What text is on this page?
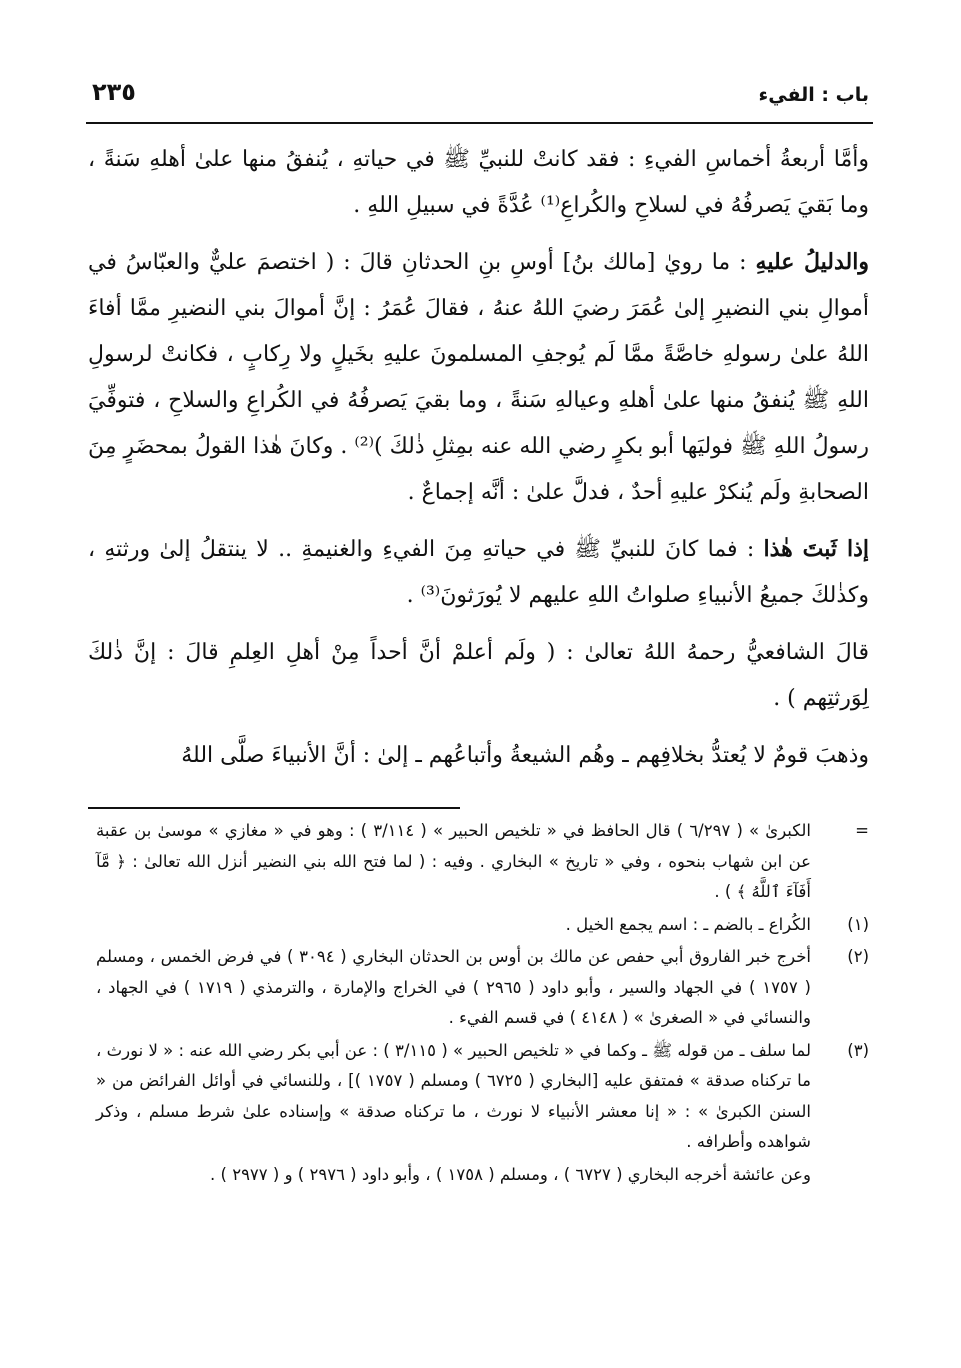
باب : الفيء
٢٣٥

وأمَّا أربعةُ أخماسِ الفيءِ : فقد كانتْ للنبيِّ ﷺ في حياتهِ ، يُنفقُ منها علىٰ أهلهِ سَنةً ، وما بَقيَ يَصرفُهُ في لسلاحِ والكُراعِ⁽¹⁾ عُدَّةً في سبيلِ اللهِ .

والدليلُ عليهِ : ما رويٰ [مالك بنُ] أوسِ بنِ الحدثانِ قالَ : ( اختصمَ عليٌّ والعبّاسُ في أموالِ بني النضيرِ إلىٰ عُمَرَ رضيَ اللهُ عنهُ ، فقالَ عُمَرُ : إنَّ أموالَ بني النضيرِ ممَّا أفاءَ اللهُ علىٰ رسولهِ خاصَّةً ممَّا لَم يُوجفِ المسلمونَ عليهِ بخَيلٍ ولا رِكابٍ ، فكانتْ لرسولِ اللهِ ﷺ يُنفقُ منها علىٰ أهلهِ وعيالهِ سَنةً ، وما بقيَ يَصرفُهُ في الكُراعِ والسلاحِ ، فتوفِّيَ رسولُ اللهِ ﷺ فوليَها أبو بكرٍ رضي الله عنه بمِثلِ ذٰلكَ )⁽²⁾ . وكانَ هٰذا القولُ بمحضَرٍ مِنَ الصحابةِ ولَم يُنكرْ عليهِ أحدٌ ، فدلَّ علىٰ : أنَّه إجماعٌ .

إذا ثَبتَ هٰذا : فما كانَ للنبيِّ ﷺ في حياتهِ مِنَ الفيءِ والغنيمةِ .. لا ينتقلُ إلىٰ ورثتهِ ، وكذٰلكَ جميعُ الأنبياءِ صلواتُ اللهِ عليهم لا يُورَثونَ⁽³⁾ .

قالَ الشافعيُّ رحمهُ اللهُ تعالىٰ : ( ولَم أعلمْ أنَّ أحداً مِنْ أهلِ العِلمِ قالَ : إنَّ ذٰلكَ لِوَرثتِهم ) .

وذهبَ قومٌ لا يُعتدُّ بخلافِهم ـ وهُم الشيعةُ وأتباعُهم ـ إلىٰ : أنَّ الأنبياءَ صلَّى اللهُ

=
الكبرىٰ » ( ٦/٢٩٧ ) قال الحافظ في « تلخيص الحبير » ( ٣/١١٤ ) : وهو في « مغازي » موسىٰ بن عقبة عن ابن شهاب بنحوه ، وفي « تاريخ » البخاري . وفيه : ( لما فتح الله بني النضير أنزل الله تعالىٰ : ﴿ مَّآ أَفَآءَ ٱللَّهُ ﴾ ) .
(١)
الكُراع ـ بالضم ـ : اسم يجمع الخيل .
(٢)
أخرج خبر الفاروق أبي حفص عن مالك بن أوس بن الحدثان البخاري ( ٣٠٩٤ ) في فرض الخمس ، ومسلم ( ١٧٥٧ ) في الجهاد والسير ، وأبو داود ( ٢٩٦٥ ) في الخراج والإمارة ، والترمذي ( ١٧١٩ ) في الجهاد ، والنسائي في « الصغرىٰ » ( ٤١٤٨ ) في قسم الفيء .
(٣)
لما سلف ـ من قوله ﷺ ـ وكما في « تلخيص الحبير » ( ٣/١١٥ ) : عن أبي بكر رضي الله عنه : « لا نورث ، ما تركناه صدقة » فمتفق عليه [البخاري ( ٦٧٢٥ ) ومسلم ( ١٧٥٧ )] ، وللنسائي في أوائل الفرائض من « السنن الكبرىٰ » : « إنا معشر الأنبياء لا نورث ، ما تركناه صدقة » وإسناده علىٰ شرط مسلم ، وذكر شواهده وأطرافه .
وعن عائشة أخرجه البخاري ( ٦٧٢٧ ) ، ومسلم ( ١٧٥٨ ) ، وأبو داود ( ٢٩٧٦ ) و ( ٢٩٧٧ ) .
